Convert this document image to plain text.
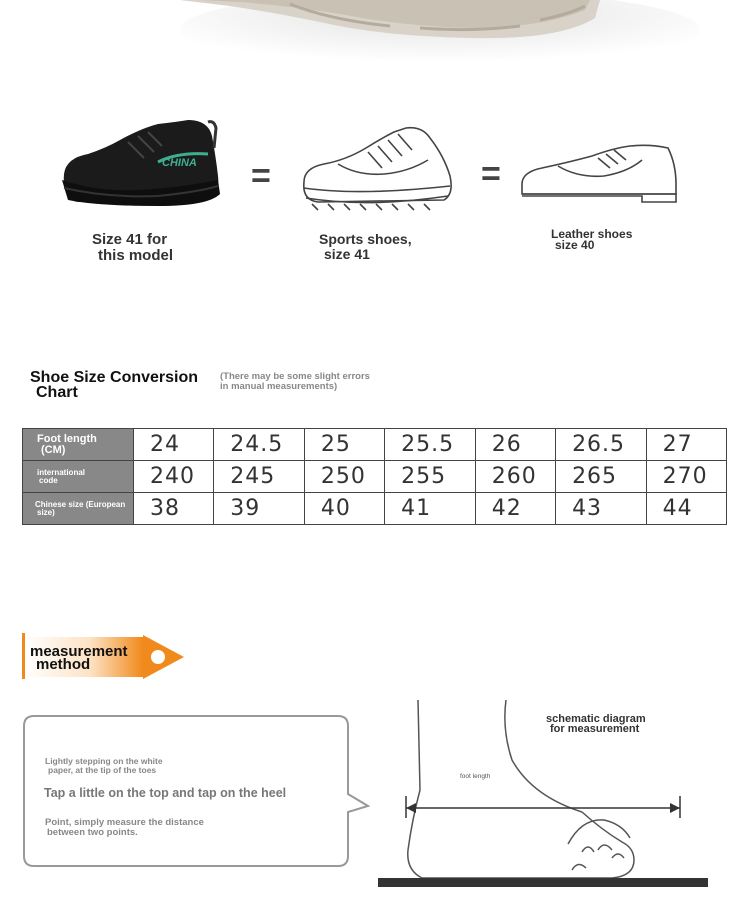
CHINA =	=
Size 41 for
this model
Sports shoes,
size 41
Leather shoes
size 40
Shoe Size Conversion
Chart
(There may be some slight errors
in manual measurements)
Foot length
(CM)	24	24.5	25	25.5	26	26.5	27

international
code	240	245	250	255	260	265	270

Chinese size (European
size)	38	39	40	41	42	43	44
measurement
method
Lightly stepping on the white
paper, at the tip of the toes
Tap a little on the top and tap on the heel
Point, simply measure the distance
between two points.
schematic diagram
for measurement
foot length
